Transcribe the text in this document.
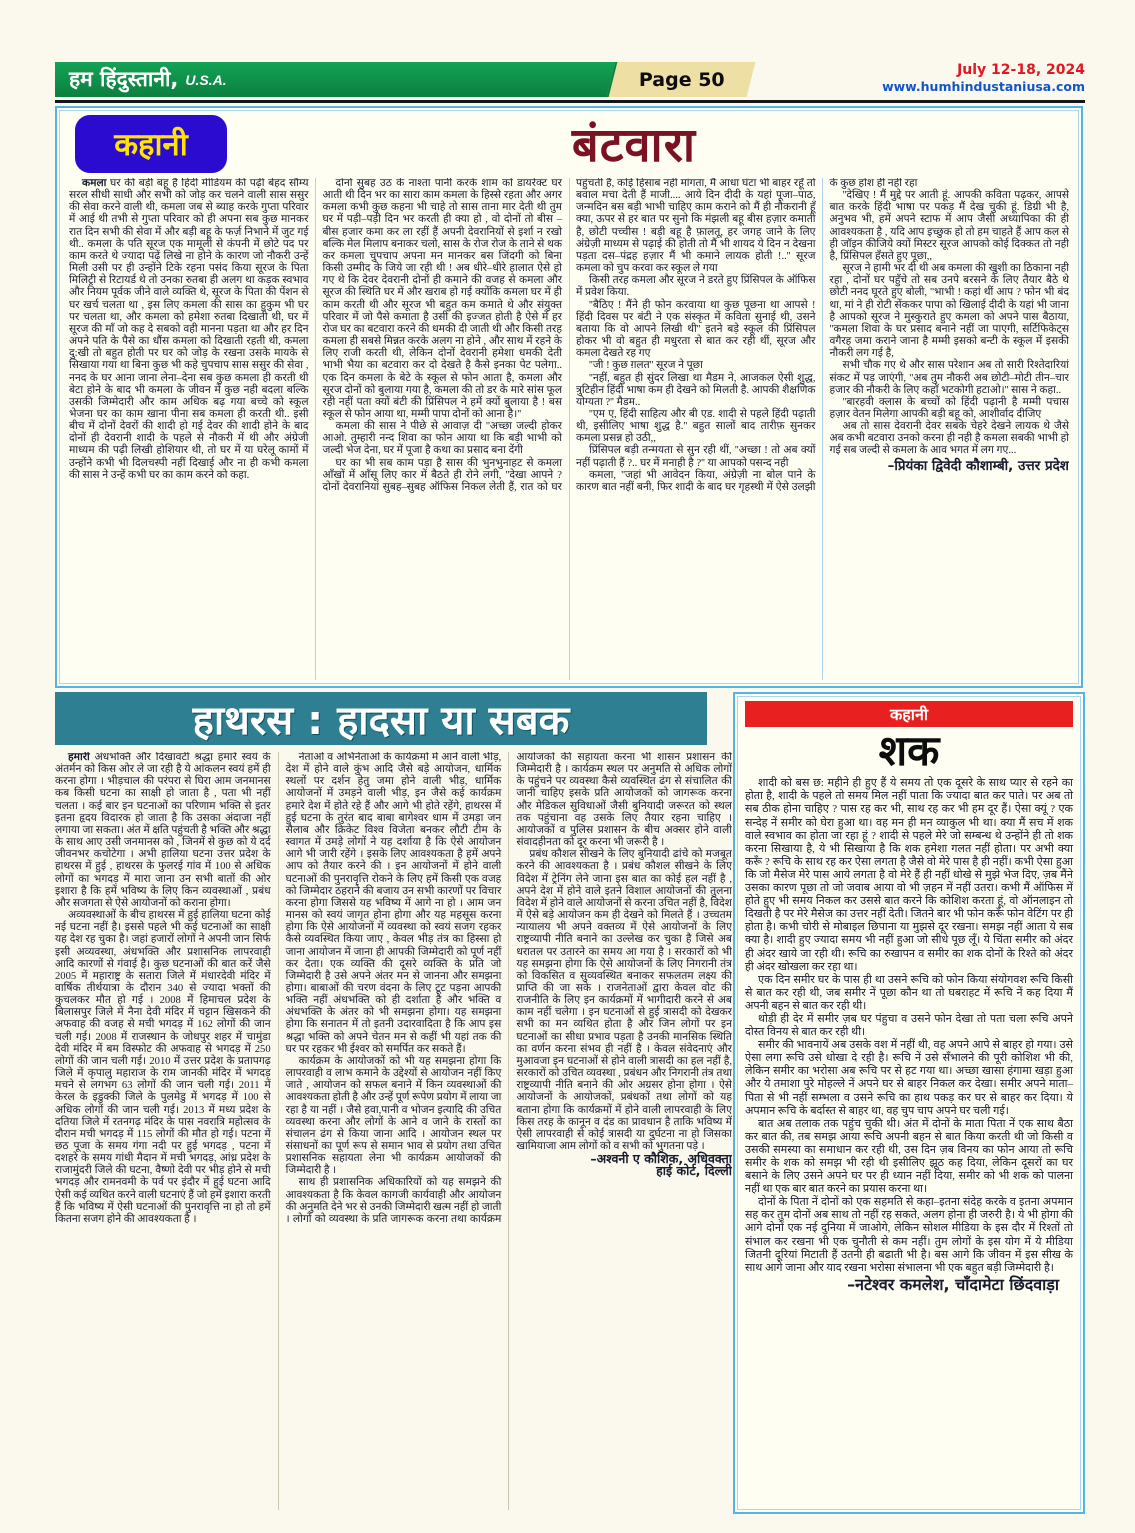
हम हिंदुस्तानी, U.S.A.	Page 50	July 12-18, 2024
www.humhindustaniusa.com
कहानी	बंटवारा

कमला घर की बड़ी बहू है हिंदी मीडियम की पढ़ी बेहद सौम्य सरल सीधी साधी और सभी को जोड़ कर चलने वाली सास ससुर की सेवा करने वाली थी, कमला जब से ब्याह करके गुप्ता परिवार में आई थी तभी से गुप्ता परिवार को ही अपना सब कुछ मानकर रात दिन सभी की सेवा में और बड़ी बहू के फर्ज़ निभाने में जुट गई थी.. कमला के पति सूरज एक मामूली से कंपनी में छोटे पद पर काम करते थे ज्यादा पढ़ें लिखे ना होने के कारण जो नौकरी उन्हें मिली उसी पर ही उन्होंने टिके रहना पसंद किया सूरज के पिता मिलिट्री से रिटायर्ड थे तो उनका रुतबा ही अलग था कड़क स्वभाव और नियम पूर्वक जीने वाले व्यक्ति थे, सूरज के पिता की पेंशन से घर खर्च चलता था , इस लिए कमला की सास का हुकुम भी घर पर चलता था, और कमला को हमेशा रुतबा दिखाती थी, घर में सूरज की माँ जो कह दे सबको वही मानना पड़ता था और हर दिन अपने पति के पैसे का धौंस कमला को दिखाती रहती थी, कमला दु:खी तो बहुत होती पर घर को जोड़ के रखना उसके मायके से सिखाया गया था बिना कुछ भी कहे चुपचाप सास ससुर की सेवा , ननद के घर आना जाना लेना–देना सब कुछ कमला ही करती थी बेटा होने के बाद भी कमला के जीवन में कुछ नही बदला बल्कि उसकी जिम्मेदारी और काम अधिक बढ़ गया बच्चे को स्कूल भेजना घर का काम खाना पीना सब कमला ही करती थी.. इसी बीच में दोनों देवरों की शादी हो गई देवर की शादी होने के बाद दोनों ही देवरानी शादी के पहले से नौकरी में थी और अंग्रेजी माध्यम की पढ़ी लिखी होशियार थी, तो घर में या घरेलू कामों में उन्होंने कभी भी दिलचस्पी नहीं दिखाई और ना ही कभी कमला की सास ने उन्हें कभी घर का काम करने को कहा.

दोनों सुबह उठ के नाश्ता पानी करके शाम को डायरेक्ट घर आती थी दिन भर का सारा काम कमला के हिस्से रहता और अगर कमला कभी कुछ कहना भी चाहे तो सास ताना मार देती थी तुम घर में पड़ी–पड़ी दिन भर करती ही क्या हो , वो दोनों तो बीस – बीस हजार कमा कर ला रहीं हैं अपनी देवरानियों से इर्शा न रखो बल्कि मेल मिलाप बनाकर चलो, सास के रोज रोज के ताने से थक कर कमला चुपचाप अपना मन मानकर बस जिंदगी को बिना किसी उम्मीद के जिये जा रही थी ! अब धीरे–धीरे हालात ऐसे हो गए थे कि देवर देवरानी दोनों ही कमाने की वजह से कमला और सूरज की स्थिति घर में और खराब हो गई क्योंकि कमला घर में ही काम करती थी और सूरज भी बहुत कम कमाते थे और संयुक्त परिवार में जो पैसे कमाता है उसी की इज्जत होती है ऐसे में हर रोज घर का बटवारा करने की धमकी दी जाती थी और किसी तरह कमला ही सबसे मिन्नत करके अलग ना होने , और साथ में रहने के लिए राजी करती थी, लेकिन दोनों देवरानी हमेशा धमकी देती भाभी भैया का बटवारा कर दो देखते है कैसे इनका पेट पलेगा.. एक दिन कमला के बेटे के स्कूल से फोन आता है, कमला और सूरज दोनों को बुलाया गया है, कमला की तो डर के मारे सांस फूल रही नहीं पता क्यों बंटी की प्रिंसिपल ने हमें क्यों बुलाया है ! बस स्कूल से फोन आया था, मम्मी पापा दोनों को आना है।''

कमला की सास ने पीछे से आवाज़ दी ''अच्छा जल्दी होकर आओ. तुम्हारी नन्द शिवा का फोन आया था कि बड़ी भाभी को जल्दी भेज देना, घर में पूजा है कथा का प्रसाद बना देंगी

घर का भी सब काम पड़ा है सास की भुनभुनाहट से कमला आँखों में आँसू लिए कार में बैठते ही रोने लगी, ''देखा आपने ? दोनों देवरानियां सुबह–सुबह ऑफिस निकल लेती हैं, रात को घर पहुंचती हैं, कोई हिसाब नहीं मांगता, मैं आधा घंटा भी बाहर रहूँ तो बवाल मचा देती हैं माजी.... आये दिन दीदी के यहां पूजा–पाठ, जन्मदिन बस बड़ी भाभी चाहिए काम कराने को मैं ही नौकरानी हूँ क्या, ऊपर से हर बात पर सुनो कि मंझली बहू बीस हज़ार कमाती है, छोटी पच्चीस ! बड़ी बहू है फ़ालतू, हर जगह जाने के लिए अंग्रेज़ी माध्यम से पढ़ाई की होती तो मैं भी शायद ये दिन न देखना पड़ता दस–पंद्रह हज़ार मैं भी कमाने लायक होती !..'' सूरज कमला को चुप करवा कर स्कूल ले गया

किसी तरह कमला और सूरज ने डरते हुए प्रिंसिपल के ऑफिस में प्रवेश किया.

''बैठिए ! मैंने ही फोन करवाया था कुछ पूछना था आपसे ! हिंदी दिवस पर बंटी ने एक संस्कृत में कविता सुनाई थी, उसने बताया कि वो आपने लिखी थी'' इतने बड़े स्कूल की प्रिंसिपल होकर भी वो बहुत ही मधुरता से बात कर रही थीं, सूरज और कमला देखते रह गए

''जी ! कुछ ग़लत'' सूरज ने पूछा

''नहीं, बहुत ही सुंदर लिखा था मैडम ने, आजकल ऐसी शुद्ध, त्रुटिहीन हिंदी भाषा कम ही देखने को मिलती है. आपकी शैक्षणिक योग्यता ?'' मैडम..

''एम ए, हिंदी साहित्य और बी एड. शादी से पहले हिंदी पढ़ाती थी, इसीलिए भाषा शुद्ध है.'' बहुत सालों बाद तारीफ़ सुनकर कमला प्रसन्न हो उठी,,

प्रिंसिपल बड़ी तन्मयता से सुन रही थीं, ''अच्छा ! तो अब क्यों नहीं पढ़ाती हैं ?.. घर में मनाही है ?'' या आपको पसन्द नही

कमला, ''जहां भी आवेदन किया, अंग्रेज़ी ना बोल पाने के कारण बात नहीं बनी, फिर शादी के बाद घर गृहस्थी में ऐसे उलझी के कुछ होश ही नही रहा

''देखिए ! मैं मुद्दे पर आती हूं. आपकी कविता पढ़कर, आपसे बात करके हिंदी भाषा पर पकड़ मैं देख चुकी हूं. डिग्री भी है, अनुभव भी, हमें अपने स्टाफ में आप जैसी अध्यापिका की ही आवश्यकता है , यदि आप इच्छुक हो तो हम चाहते हैं आप कल से ही जॉइन कीजिये क्यों मिस्टर सूरज आपको कोई दिक्कत तो नही है, प्रिंसिपल हँसते हुए पूछा,,

सूरज ने हामी भर दी थी अब कमला की खुशी का ठिकाना नही रहा , दोनों घर पहुँचे तो सब उनपे बरसने के लिए तैयार बैठे थे छोटी ननद घूरते हुए बोली, ''भाभी ! कहां थीं आप ? फोन भी बंद था, मां ने ही रोटी सेंककर पापा को खिलाई दीदी के यहां भी जाना है आपको सूरज ने मुस्कुराते हुए कमला को अपने पास बैठाया, ''कमला शिवा के घर प्रसाद बनाने नहीं जा पाएगी, सर्टिफिकेट्स वगैरह जमा कराने जाना है मम्मी इसको बन्टी के स्कूल में इसकी नौकरी लग गई है,

सभी चौक गए थे और सास परेशान अब तो सारी रिश्तेदारियां संकट में पड़ जाएंगी, ''अब तुम नौकरी अब छोटी–मोटी तीन–चार हजार की नौकरी के लिए कहाँ भटकोगी हटाओ।'' सास ने कहा..

''बारहवी क्लास के बच्चों को हिंदी पढ़ानी है मम्मी पचास हज़ार वेतन मिलेगा आपकी बड़ी बहू को, आशीर्वाद दीजिए

अब तो सास देवरानी देवर सबके चेहरे देखने लायक थे जैसे अब कभी बटवारा उनको करना ही नही है कमला सबकी भाभी हो गई सब जल्दी से कमला के आव भगत में लग गए...

–प्रियंका द्विवेदी कौशाम्बी, उत्तर प्रदेश

हाथरस : हादसा या सबक

हमारी अंधभक्ति और दिखावटी श्रद्धा हमारे स्वयं के अंतर्मन को किस ओर ले जा रही है ये आंकलन स्वयं हमें ही करना होगा । भीड़चाल की परंपरा से घिरा आम जनमानस कब किसी घटना का साक्षी हो जाता है , पता भी नहीं चलता । कई बार इन घटनाओं का परिणाम भक्ति से इतर इतना हृदय विदारक हो जाता है कि उसका अंदाजा नहीं लगाया जा सकता। अंत में क्षति पहुंचती है भक्ति और श्रद्धा के साथ आए उसी जनमानस को , जिनमें से कुछ को ये दर्द जीवनभर कचोटेगा । अभी हालिया घटना उत्तर प्रदेश के हाथरस में हुई , हाथरस के फुलरई गांव में 100 से अधिक लोगों का भगदड़ में मारा जाना उन सभी बातों की ओर इशारा है कि हमें भविष्य के लिए किन व्यवस्थाओं , प्रबंध और सजगता से ऐसे आयोजनों को कराना होगा।

अव्यवस्थाओं के बीच हाथरस में हुई हालिया घटना कोई नई घटना नहीं है। इससे पहले भी कई घटनाओं का साक्षी यह देश रह चुका है। जहां हजारों लोगों ने अपनी जान सिर्फ इसी अव्यवस्था, अंधभक्ति और प्रशासनिक लापरवाही आदि कारणों से गंवाई है। कुछ घटनाओं की बात करें जैसे 2005 में महाराष्ट्र के सतारा जिले में मंधारदेवी मंदिर में वार्षिक तीर्थयात्रा के दौरान 340 से ज्यादा भक्तों की कुचलकर मौत हो गई । 2008 में हिमाचल प्रदेश के बिलासपुर जिले में नैना देवी मंदिर में चट्टान खिसकने की अफवाह की वजह से मची भगदड़ में 162 लोगों की जान चली गई। 2008 में राजस्थान के जोधपुर शहर में चामुंडा देवी मंदिर में बम विस्फोट की अफवाह से भगदड़ में 250 लोगों की जान चली गई। 2010 में उत्तर प्रदेश के प्रतापगढ़ जिले में कृपालु महाराज के राम जानकी मंदिर में भगदड़ मचने से लगभग 63 लोगों की जान चली गई। 2011 में केरल के इडुक्की जिले के पुलमेडु में भगदड़ में 100 से अधिक लोगों की जान चली गई। 2013 में मध्य प्रदेश के दतिया जिले में रतनगढ़ मंदिर के पास नवरात्रि महोत्सव के दौरान मची भगदड़ में 115 लोगों की मौत हो गई। पटना में छठ पूजा के समय गंगा नदी पर हुई भगदड़ , पटना में दशहरे के समय गांधी मैदान में मची भगदड़, आंध्र प्रदेश के राजामुंदरी जिले की घटना, वैष्णो देवी पर भीड़ होने से मची भगदड़ और रामनवमी के पर्व पर इंदौर में हुई घटना आदि ऐसी कई व्यथित करने वाली घटनाएं हैं जो हमें इशारा करती हैं कि भविष्य में ऐसी घटनाओं की पुनरावृत्ति ना हो तो हमें कितना सजग होने की आवश्यकता है ।

नेताओं व अभिनेताओं के कार्यक्रमों में आने वाली भीड़, देश में होने वाले कुंभ आदि जैसे बड़े आयोजन, धार्मिक स्थलों पर दर्शन हेतु जमा होने वाली भीड़, धार्मिक आयोजनों में उमड़ने वाली भीड़, इन जैसे कई कार्यक्रम हमारे देश में होते रहे हैं और आगे भी होते रहेंगे, हाथरस में हुई घटना के तुरंत बाद बाबा बागेश्वर धाम में उमड़ा जन सैलाब और क्रिकेट विश्व विजेता बनकर लौटी टीम के स्वागत में उमड़े लोगों ने यह दर्शाया है कि ऐसे आयोजन आगे भी जारी रहेंगे । इसके लिए आवश्यकता है हमें अपने आप को तैयार करने की । इन आयोजनों में होने वाली घटनाओं की पुनरावृत्ति रोकने के लिए हमें किसी एक वजह को जिम्मेदार ठहराने की बजाय उन सभी कारणों पर विचार करना होगा जिससे यह भविष्य में आगे ना हो । आम जन मानस को स्वयं जागृत होना होगा और यह महसूस करना होगा कि ऐसे आयोजनों में व्यवस्था को स्वयं सजग रहकर कैसे व्यवस्थित किया जाए , केवल भीड़ तंत्र का हिस्सा हो जाना आयोजन में जाना ही आपकी जिम्मेदारी को पूर्ण नहीं कर देता। एक व्यक्ति की दूसरे व्यक्ति के प्रति जो जिम्मेदारी है उसे अपने अंतर मन से जानना और समझना होगा। बाबाओं की चरण वंदना के लिए टूट पड़ना आपकी भक्ति नहीं अंधभक्ति को ही दर्शाता है और भक्ति व अंधभक्ति के अंतर को भी समझना होगा। यह समझना होगा कि सनातन में तो इतनी उदारवादिता है कि आप इस श्रद्धा भक्ति को अपने चेतन मन से कहीं भी यहां तक की घर पर रहकर भी ईश्वर को समर्पित कर सकते हैं।

कार्यक्रम के आयोजकों को भी यह समझना होगा कि लापरवाही व लाभ कमाने के उद्देश्यों से आयोजन नहीं किए जाते , आयोजन को सफल बनाने में किन व्यवस्थाओं की आवश्यकता होती है और उन्हें पूर्ण रूपेण प्रयोग में लाया जा रहा है या नहीं । जैसे हवा,पानी व भोजन इत्यादि की उचित व्यवस्था करना और लोगों के आने व जाने के रास्तों का संचालन ढंग से किया जाना आदि । आयोजन स्थल पर संसाधनों का पूर्ण रूप से समान भाव से प्रयोग तथा उचित प्रशासनिक सहायता लेना भी कार्यक्रम आयोजकों की जिम्मेदारी है ।

साथ ही प्रशासनिक अधिकारियों को यह समझने की आवश्यकता है कि केवल कागजी कार्यवाही और आयोजन की अनुमति देने भर से उनकी जिम्मेदारी खत्म नहीं हो जाती । लोगों को व्यवस्था के प्रति जागरूक करना तथा कार्यक्रम आयोजकों की सहायता करना भी शासन प्रशासन की जिम्मेदारी है । कार्यक्रम स्थल पर अनुमति से अधिक लोगों के पहुंचने पर व्यवस्था कैसे व्यवस्थित ढंग से संचालित की जानी चाहिए इसके प्रति आयोजकों को जागरूक करना और मेडिकल सुविधाओं जैसी बुनियादी जरूरत को स्थल तक पहुंचाना वह उसके लिए तैयार रहना चाहिए । आयोजकों व पुलिस प्रशासन के बीच अक्सर होने वाली संवादहीनता को दूर करना भी जरूरी है ।

प्रबंध कौशल सीखने के लिए बुनियादी ढांचे को मजबूत करने की आवश्यकता है । प्रबंध कौशल सीखने के लिए विदेश में ट्रेनिंग लेने जाना इस बात का कोई हल नहीं है , अपने देश में होने वाले इतने विशाल आयोजनों की तुलना विदेश में होने वाले आयोजनों से करना उचित नहीं है, विदेश में ऐसे बड़े आयोजन कम ही देखने को मिलते हैं । उच्चतम न्यायालय भी अपने वक्तव्य में ऐसे आयोजनों के लिए राष्ट्रव्यापी नीति बनाने का उल्लेख कर चुका है जिसे अब धरातल पर उतारने का समय आ गया है । सरकारों को भी यह समझना होगा कि ऐसे आयोजनों के लिए निगरानी तंत्र को विकसित व सुव्यवस्थित बनाकर सफलतम लक्ष्य की प्राप्ति की जा सके । राजनेताओं द्वारा केवल वोट की राजनीति के लिए इन कार्यक्रमों में भागीदारी करने से अब काम नहीं चलेगा । इन घटनाओं से हुई त्रासदी को देखकर सभी का मन व्यथित होता है और जिन लोगों पर इन घटनाओं का सीधा प्रभाव पड़ता है उनकी मानसिक स्थिति का वर्णन करना संभव ही नहीं है । केवल संवेदनाएं और मुआवजा इन घटनाओं से होने वाली त्रासदी का हल नहीं है, सरकारों को उचित व्यवस्था , प्रबंधन और निगरानी तंत्र तथा राष्ट्रव्यापी नीति बनाने की ओर अग्रसर होना होगा । ऐसे आयोजनों के आयोजकों, प्रबंधकों तथा लोगों को यह बताना होगा कि कार्यक्रमों में होने वाली लापरवाही के लिए किस तरह के कानून व दंड का प्रावधान है ताकि भविष्य में ऐसी लापरवाही से कोई त्रासदी या दुर्घटना ना हो जिसका खामियाजा आम लोगों को व सभी को भुगतना पड़े ।

–अश्वनी ए कौशिक, अधिवक्ता

हाई कोर्ट, दिल्ली

कहानी
शक

शादी को बस छ: महीने ही हुए हैं ये समय तो एक दूसरे के साथ प्यार से रहने का होता है, शादी के पहले तो समय मिल नहीं पाता कि ज्यादा बात कर पाते। पर अब तो सब ठीक होना चाहिए ? पास रह कर भी, साथ रह कर भी हम दूर हैं। ऐसा क्यूं ? एक सन्देह नें समीर को घेरा हुआ था। वह मन ही मन व्याकुल भी था। क्या मैं सच में शक वाले स्वभाव का होता जा रहा हूं ? शादी से पहले मेरे जो सम्बन्ध थे उन्होंने ही तो शक करना सिखाया है, ये भी सिखाया है कि शक हमेशा गलत नहीं होता। पर अभी क्या करूँ ? रूचि के साथ रह कर ऐसा लगता है जैसे वो मेरे पास है ही नहीं। कभी ऐसा हुआ कि जो मैसेज मेरे पास आये लगता है वो मेरे हैं ही नहीं धोखे से मुझे भेज दिए, ज़ब मैंने उसका कारण पूछा तो जो जवाब आया वो भी ज़हन में नहीं उतरा। कभी मैं ऑफिस में होते हुए भी समय निकल कर उससे बात करने कि कोशिश करता हूं, वो ऑनलाइन तो दिखती है पर मेरे मैसेज का उत्तर नहीं देती। जितने बार भी फोन करूँ फोन वेटिंग पर ही होता है। कभी चोरी से मोबाइल छिपाना या मुझसे दूर रखना। समझ नहीं आता ये सब क्या है। शादी हुए ज्यादा समय भी नहीं हुआ जो सीधे पूछ लूँ। ये चिंता समीर को अंदर ही अंदर खाये जा रही थी। रूचि का रुखापन व समीर का शक दोनों के रिश्ते को अंदर ही अंदर खोखला कर रहा था।

एक दिन समीर घर के पास ही था उसने रूचि को फोन किया संयोगवश रूचि किसी से बात कर रही थी, जब समीर नें पूछा कौन था तो घबराहट में रूचि नें कह दिया मैं अपनी बहन से बात कर रही थी।

थोड़ी ही देर में समीर ज़ब घर पंहुचा व उसने फोन देखा तो पता चला रूचि अपने दोस्त विनय से बात कर रही थी।

समीर की भावनायें अब उसके वश में नहीं थी, वह अपने आपे से बाहर हो गया। उसे ऐसा लगा रूचि उसे धोखा दे रही है। रूचि नें उसे सँभालने की पूरी कोशिश भी की, लेकिन समीर का भरोसा अब रूचि पर से हट गया था। अच्छा खासा हंगामा खड़ा हुआ और ये तमाशा पुरे मोहल्ले नें अपने घर से बाहर निकल कर देखा। समीर अपने माता–पिता से भी नहीं सम्भला व उसने रूचि का हाथ पकड़ कर घर से बाहर कर दिया। ये अपमान रूचि के बर्दास्त से बाहर था, वह चुप चाप अपने घर चली गई।

बात अब तलाक तक पहुंच चुकी थी। अंत में दोनों के माता पिता नें एक साथ बैठा कर बात की, तब समझ आया रूचि अपनी बहन से बात किया करती थी जो किसी व उसकी समस्या का समाधान कर रही थी, उस दिन ज़ब विनय का फोन आया तो रूचि समीर के शक को समझ भी रही थी इसीलिए झूठ कह दिया, लेकिन दूसरों का घर बसाने के लिए उसने अपने घर पर ही ध्यान नहीं दिया, समीर को भी शक को पालना नहीं था एक बार बात करने का प्रयास करना था।

दोनों के पिता नें दोनों को एक सहमति से कहा–इतना संदेह करके व इतना अपमान सह कर तुम दोनों अब साथ तो नहीं रह सकते, अलग होना ही जरुरी है। ये भी होगा की आगे दोनों एक नई दुनिया में जाओगे, लेकिन सोशल मीडिया के इस दौर में रिश्तों तो संभाल कर रखना भी एक चुनौती से कम नहीं। तुम लोगों के इस योग में ये मीडिया जितनी दूरियां मिटाती हैं उतनी ही बढाती भी है। बस आगे कि जीवन में इस सीख के साथ आगे जाना और याद रखना भरोसा संभालना भी एक बहुत बड़ी जिम्मेदारी है।

–नटेश्वर कमलेश, चाँदामेटा छिंदवाड़ा
